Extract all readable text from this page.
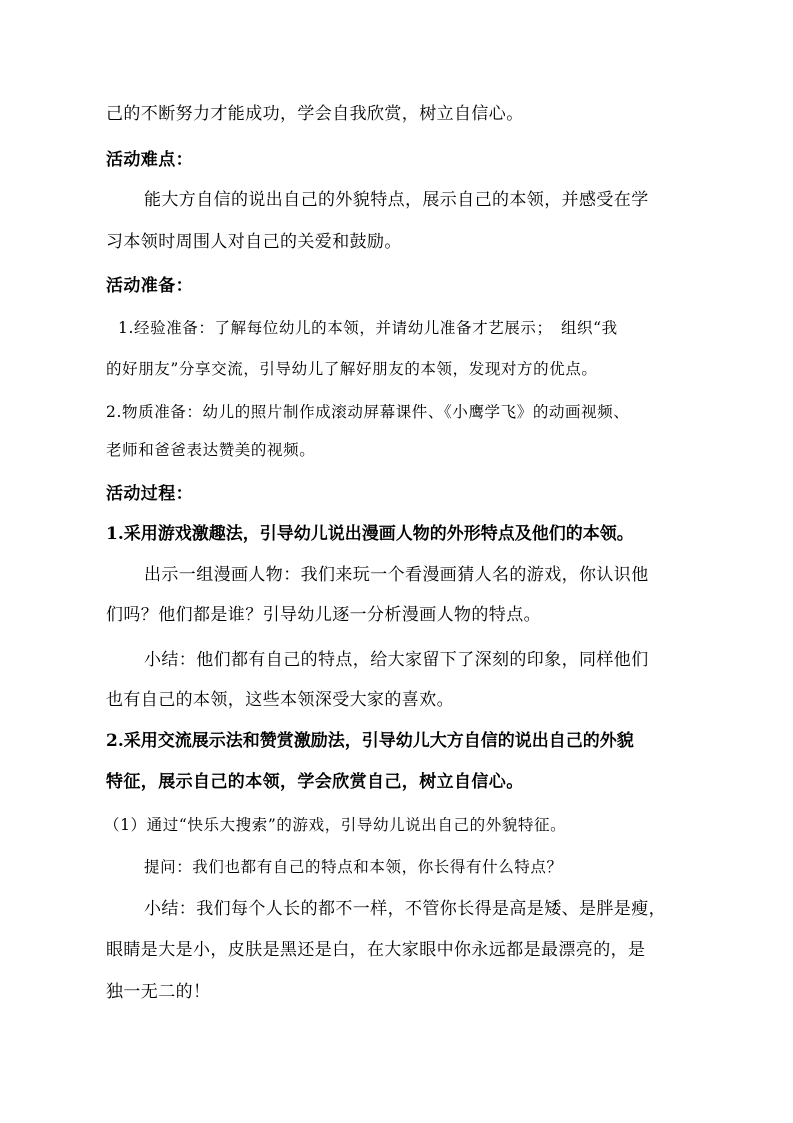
己的不断努力才能成功，学会自我欣赏，树立自信心。
活动难点：
能大方自信的说出自己的外貌特点，展示自己的本领，并感受在学
习本领时周围人对自己的关爱和鼓励。
活动准备：
1.经验准备：了解每位幼儿的本领，并请幼儿准备才艺展示；　组织“我
的好朋友”分享交流，引导幼儿了解好朋友的本领，发现对方的优点。
2.物质准备：幼儿的照片制作成滚动屏幕课件、《小鹰学飞》的动画视频、
老师和爸爸表达赞美的视频。
活动过程：
1.采用游戏激趣法，引导幼儿说出漫画人物的外形特点及他们的本领。
出示一组漫画人物：我们来玩一个看漫画猜人名的游戏，你认识他
们吗？他们都是谁？引导幼儿逐一分析漫画人物的特点。
小结：他们都有自己的特点，给大家留下了深刻的印象，同样他们
也有自己的本领，这些本领深受大家的喜欢。
2.采用交流展示法和赞赏激励法，引导幼儿大方自信的说出自己的外貌
特征，展示自己的本领，学会欣赏自己，树立自信心。
（1）通过“快乐大搜索”的游戏，引导幼儿说出自己的外貌特征。
提问：我们也都有自己的特点和本领，你长得有什么特点？
小结：我们每个人长的都不一样，不管你长得是高是矮、是胖是瘦，
眼睛是大是小，皮肤是黑还是白，在大家眼中你永远都是最漂亮的，是
独一无二的！
